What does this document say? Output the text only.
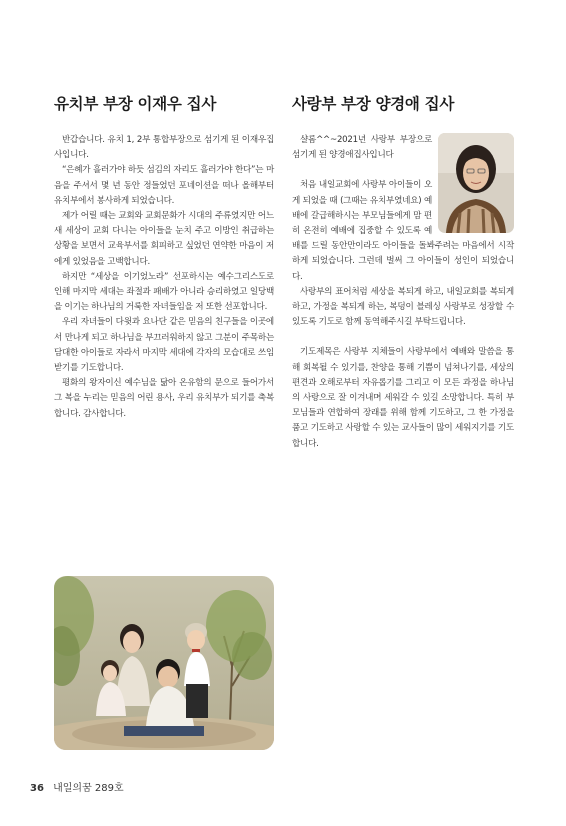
유치부 부장 이재우 집사

반갑습니다. 유치 1, 2부 통합부장으로 섬기게 된 이재우집사입니다.

“은혜가 흘러가야 하듯 섬김의 자리도 흘러가야 한다”는 마음을 주셔서 몇 년 동안 정들었던 포네이션을 떠나 올해부터 유치부에서 봉사하게 되었습니다.

제가 어릴 때는 교회와 교회문화가 시대의 주류였지만 어느새 세상이 교회 다니는 아이들을 눈치 주고 이방인 취급하는 상황을 보면서 교육부서를 회피하고 싶었던 연약한 마음이 저에게 있었음을 고백합니다.

하지만 “세상을 이기었노라” 선포하시는 예수그리스도로 인해 마지막 세대는 좌절과 패배가 아니라 승리하였고 일당백을 이기는 하나님의 거룩한 자녀들임을 저 또한 선포합니다.

우리 자녀들이 다윗과 요나단 같은 믿음의 친구들을 이곳에서 만나게 되고 하나님을 부끄러워하지 않고 그분이 주목하는 담대한 아이들로 자라서 마지막 세대에 각자의 모습대로 쓰임 받기를 기도합니다.

평화의 왕자이신 예수님을 닮아 온유함의 문으로 들어가서 그 복을 누리는 믿음의 어린 용사, 우리 유치부가 되기를 축복합니다. 감사합니다.

사랑부 부장 양경애 집사

샬롬^^~2021년 사랑부 부장으로 섬기게 된 양경애집사입니다

처음 내일교회에 사랑부 아이들이 오게 되었을 때 (그때는 유치부였네요) 예배에 갈급해하시는 부모님들에게 맘 편히 온전히 예배에 집중할 수 있도록 예배를 드릴 동안만이라도 아이들을 돌봐주려는 마음에서 시작하게 되었습니다. 그런데 벌써 그 아이들이 성인이 되었습니다.

사랑부의 표어처럼 세상을 복되게 하고, 내일교회를 복되게 하고, 가정을 복되게 하는, 복덩이 블레싱 사랑부로 성장할 수 있도록 기도로 함께 동역해주시길 부탁드립니다.

기도제목은 사랑부 지체들이 사랑부에서 예배와 말씀을 통해 회복될 수 있기를, 찬양을 통해 기쁨이 넘쳐나기를, 세상의 편견과 오해로부터 자유롭기를 그리고 이 모든 과정을 하나님의 사랑으로 잘 이겨내며 세워갈 수 있길 소망합니다. 특히 부모님들과 연합하여 장래를 위해 함께 기도하고, 그 한 가정을 품고 기도하고 사랑할 수 있는 교사들이 많이 세워지기를 기도합니다.

36 내일의꿈 289호
